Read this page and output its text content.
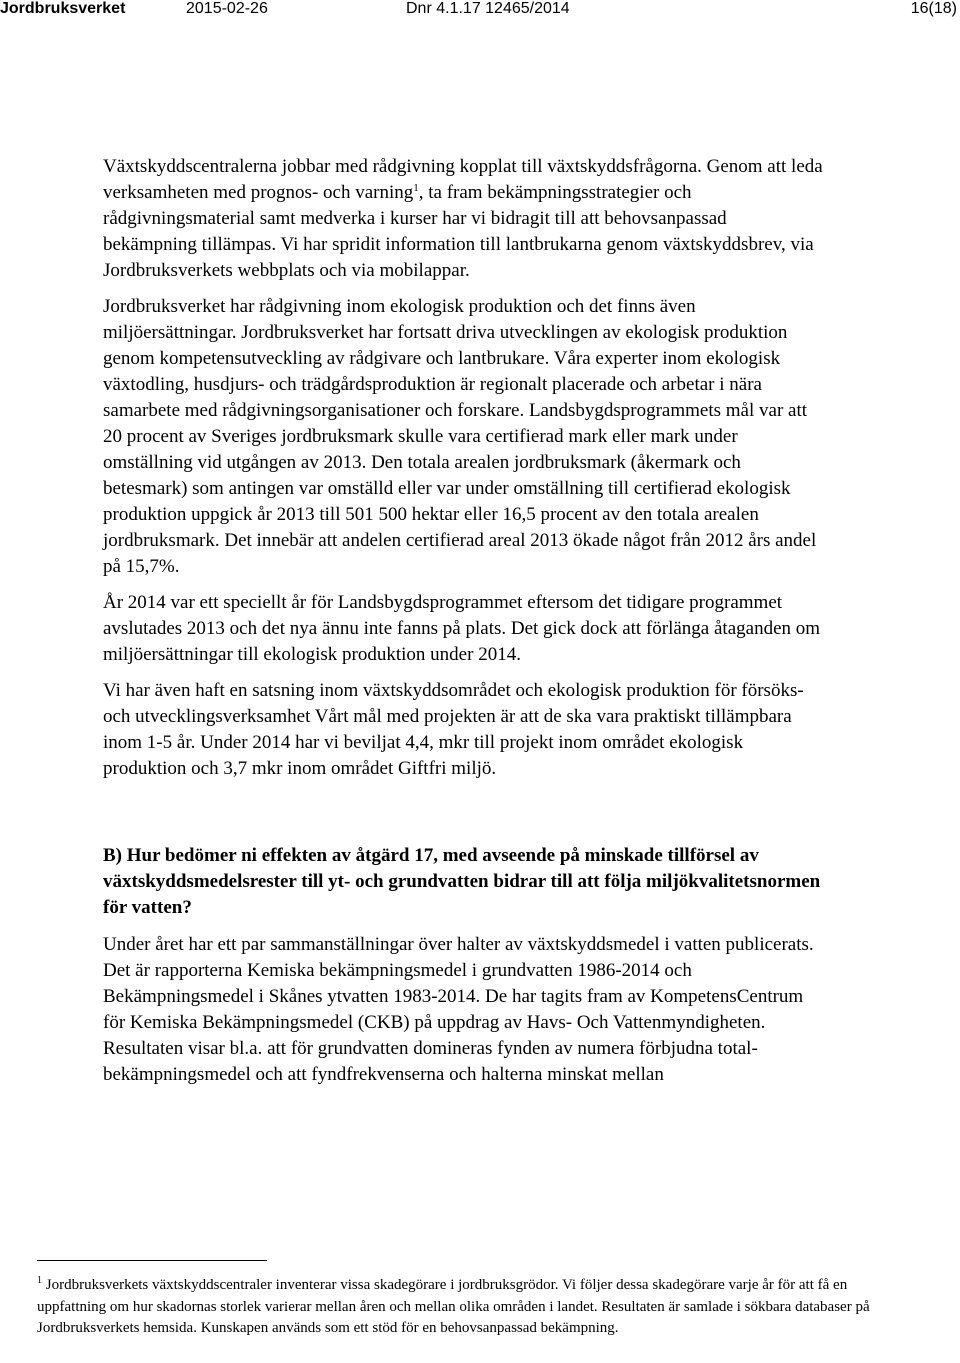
Jordbruksverket	2015-02-26	Dnr 4.1.17 12465/2014	16(18)

Växtskyddscentralerna jobbar med rådgivning kopplat till växtskyddsfrågorna. Genom att leda verksamheten med prognos- och varning$^1$, ta fram bekämpningsstrategier och rådgivningsmaterial samt medverka i kurser har vi bidragit till att behovsanpassad bekämpning tillämpas. Vi har spridit information till lantbrukarna genom växtskyddsbrev, via Jordbruksverkets webbplats och via mobilappar.

Jordbruksverket har rådgivning inom ekologisk produktion och det finns även miljöersättningar. Jordbruksverket har fortsatt driva utvecklingen av ekologisk produktion genom kompetensutveckling av rådgivare och lantbrukare. Våra experter inom ekologisk växtodling, husdjurs- och trädgårdsproduktion är regionalt placerade och arbetar i nära samarbete med rådgivningsorganisationer och forskare. Landsbygdsprogrammets mål var att 20 procent av Sveriges jordbruksmark skulle vara certifierad mark eller mark under omställning vid utgången av 2013. Den totala arealen jordbruksmark (åkermark och betesmark) som antingen var omställd eller var under omställning till certifierad ekologisk produktion uppgick år 2013 till 501 500 hektar eller 16,5 procent av den totala arealen jordbruksmark. Det innebär att andelen certifierad areal 2013 ökade något från 2012 års andel på 15,7%.

År 2014 var ett speciellt år för Landsbygdsprogrammet eftersom det tidigare programmet avslutades 2013 och det nya ännu inte fanns på plats. Det gick dock att förlänga åtaganden om miljöersättningar till ekologisk produktion under 2014.

Vi har även haft en satsning inom växtskyddsområdet och ekologisk produktion för försöks- och utvecklingsverksamhet Vårt mål med projekten är att de ska vara praktiskt tillämpbara inom 1-5 år. Under 2014 har vi beviljat 4,4, mkr till projekt inom området ekologisk produktion och 3,7 mkr inom området Giftfri miljö.

B) Hur bedömer ni effekten av åtgärd 17, med avseende på minskade tillförsel av växtskyddsmedelsrester till yt- och grundvatten bidrar till att följa miljökvalitetsnormen för vatten?

Under året har ett par sammanställningar över halter av växtskyddsmedel i vatten publicerats. Det är rapporterna Kemiska bekämpningsmedel i grundvatten 1986-2014 och Bekämpningsmedel i Skånes ytvatten 1983-2014. De har tagits fram av KompetensCentrum för Kemiska Bekämpningsmedel (CKB) på uppdrag av Havs- Och Vattenmyndigheten. Resultaten visar bl.a. att för grundvatten domineras fynden av numera förbjudna total-bekämpningsmedel och att fyndfrekvenserna och halterna minskat mellan

$^1$ Jordbruksverkets växtskyddscentraler inventerar vissa skadegörare i jordbruksgrödor. Vi följer dessa skadegörare varje år för att få en uppfattning om hur skadornas storlek varierar mellan åren och mellan olika områden i landet. Resultaten är samlade i sökbara databaser på Jordbruksverkets hemsida. Kunskapen används som ett stöd för en behovsanpassad bekämpning.
